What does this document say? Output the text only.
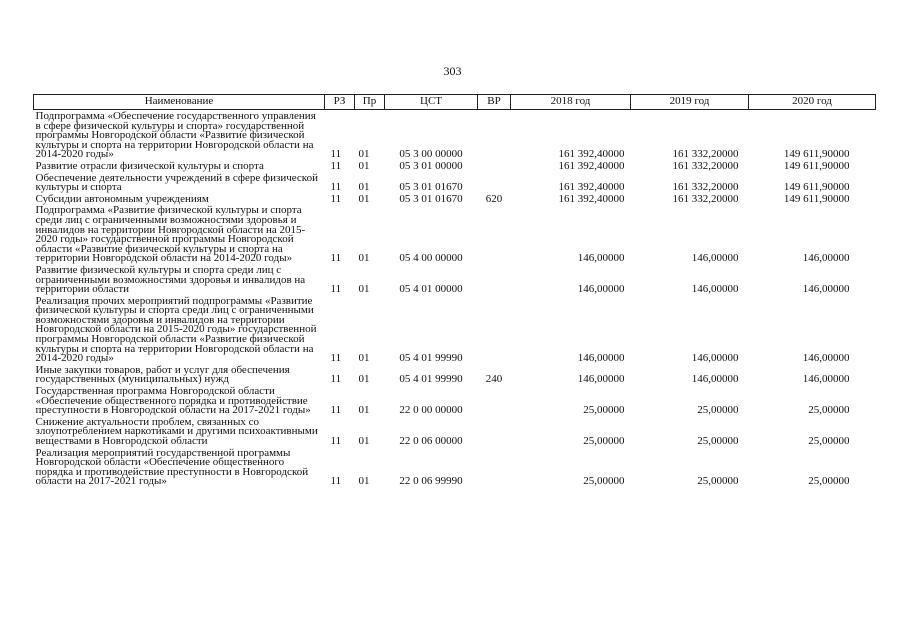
303
Наименование	РЗ	Пр	ЦСТ	ВР	2018 год	2019 год	2020 год
Подпрограмма «Обеспечение государственного управления в сфере физической культуры и спорта» государственной программы Новгородской области «Развитие физической культуры и спорта на территории Новгородской области на 2014-2020 годы»	11	01	05 3 00 00000		161 392,40000	161 332,20000	149 611,90000
Развитие отрасли физической культуры и спорта	11	01	05 3 01 00000		161 392,40000	161 332,20000	149 611,90000
Обеспечение деятельности учреждений в сфере физической культуры и спорта	11	01	05 3 01 01670		161 392,40000	161 332,20000	149 611,90000
Субсидии автономным учреждениям	11	01	05 3 01 01670	620	161 392,40000	161 332,20000	149 611,90000
Подпрограмма «Развитие физической культуры и спорта среди лиц с ограниченными возможностями здоровья и инвалидов на территории Новгородской области на 2015-2020 годы» государственной программы Новгородской области «Развитие физической культуры и спорта на территории Новгородской области на 2014-2020 годы»	11	01	05 4 00 00000		146,00000	146,00000	146,00000
Развитие физической культуры и спорта среди лиц с ограниченными возможностями здоровья и инвалидов на территории области	11	01	05 4 01 00000		146,00000	146,00000	146,00000
Реализация прочих мероприятий подпрограммы «Развитие физической культуры и спорта среди лиц с ограниченными возможностями здоровья и инвалидов на территории Новгородской области на 2015-2020 годы» государственной программы Новгородской области «Развитие физической культуры и спорта на территории Новгородской области на 2014-2020 годы»	11	01	05 4 01 99990		146,00000	146,00000	146,00000
Иные закупки товаров, работ и услуг для обеспечения государственных (муниципальных) нужд	11	01	05 4 01 99990	240	146,00000	146,00000	146,00000
Государственная программа Новгородской области «Обеспечение общественного порядка и противодействие преступности в Новгородской области на 2017-2021 годы»	11	01	22 0 00 00000		25,00000	25,00000	25,00000
Снижение актуальности проблем, связанных со злоупотреблением наркотиками и другими психоактивными веществами в Новгородской области	11	01	22 0 06 00000		25,00000	25,00000	25,00000
Реализация мероприятий государственной программы Новгородской области «Обеспечение общественного порядка и противодействие преступности в Новгородской области на 2017-2021 годы»	11	01	22 0 06 99990		25,00000	25,00000	25,00000
